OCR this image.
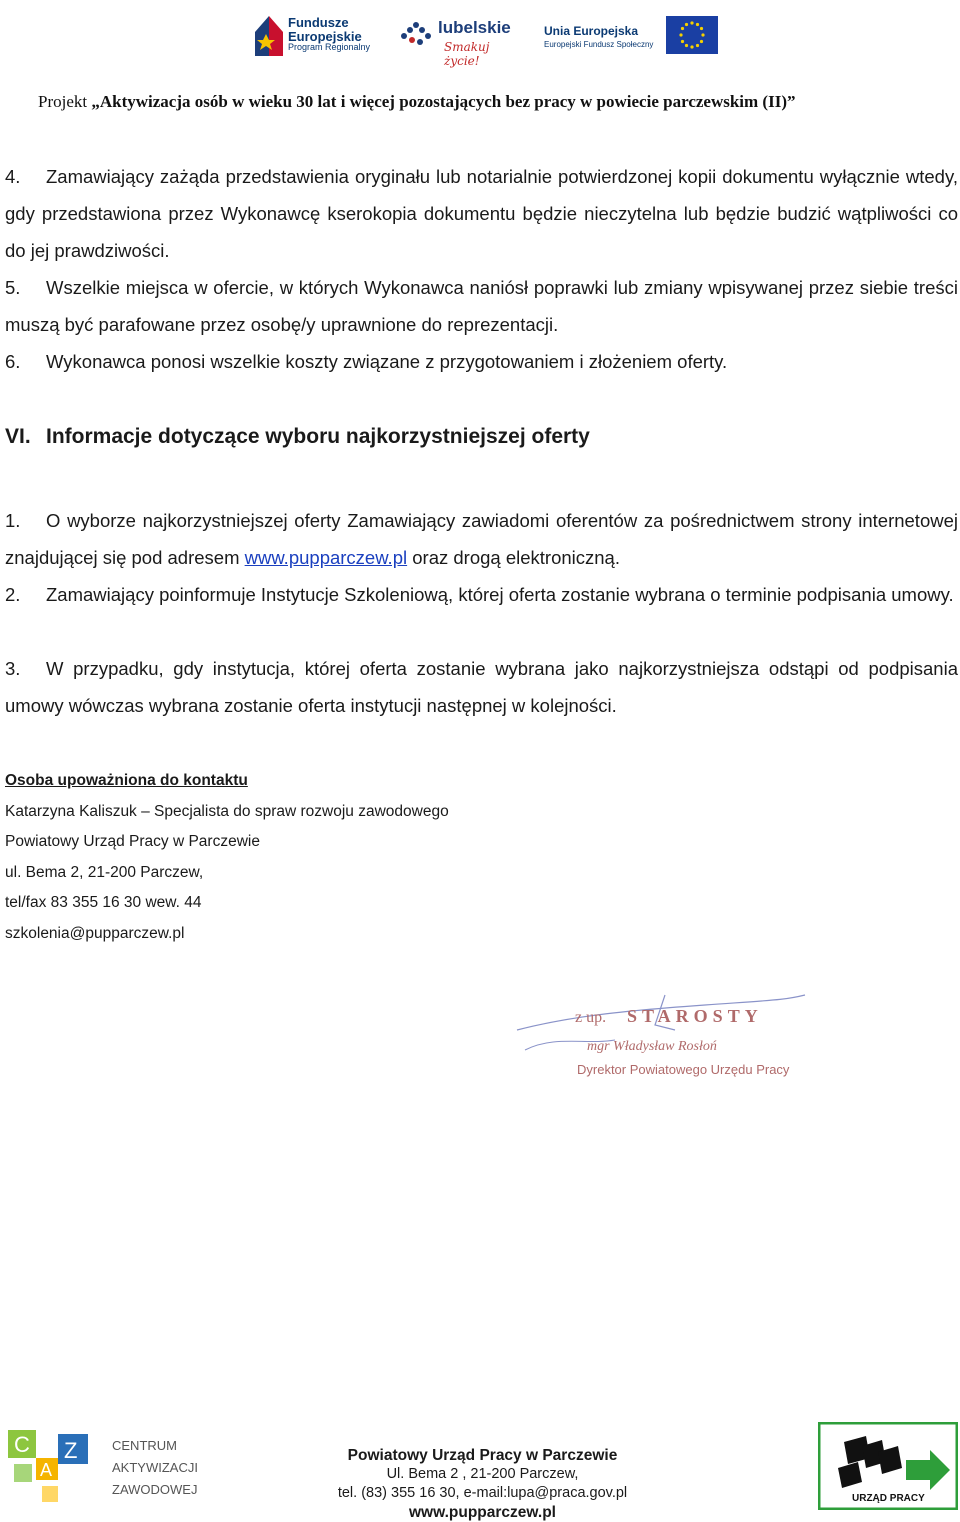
Fundusze
Europejskie
Program Regionalny
lubelskie
Smakuj życie!
Unia Europejska
Europejski Fundusz Społeczny
Projekt „Aktywizacja osób w wieku 30 lat i więcej pozostających bez pracy w powiecie parczewskim (II)”
4. Zamawiający zażąda przedstawienia oryginału lub notarialnie potwierdzonej kopii dokumentu wyłącznie wtedy, gdy przedstawiona przez Wykonawcę kserokopia dokumentu będzie nieczytelna lub będzie budzić wątpliwości co do jej prawdziwości.
5. Wszelkie miejsca w ofercie, w których Wykonawca naniósł poprawki lub zmiany wpisywanej przez siebie treści muszą być parafowane przez osobę/y uprawnione do reprezentacji.
6. Wykonawca ponosi wszelkie koszty związane z przygotowaniem i złożeniem oferty.
VI. Informacje dotyczące wyboru najkorzystniejszej oferty
1. O wyborze najkorzystniejszej oferty Zamawiający zawiadomi oferentów za pośrednictwem strony internetowej znajdującej się pod adresem www.pupparczew.pl oraz drogą elektroniczną.
2. Zamawiający poinformuje Instytucje Szkoleniową, której oferta zostanie wybrana o terminie podpisania umowy.
3. W przypadku, gdy instytucja, której oferta zostanie wybrana jako najkorzystniejsza odstąpi od podpisania umowy wówczas wybrana zostanie oferta instytucji następnej w kolejności.
Osoba upoważniona do kontaktu
Katarzyna Kaliszuk – Specjalista do spraw rozwoju zawodowego
Powiatowy Urząd Pracy w Parczewie
ul. Bema 2, 21-200 Parczew,
tel/fax 83 355 16 30 wew. 44
szkolenia@pupparczew.pl
z up. STAROSTY
mgr Władysław Rosłoń
Dyrektor Powiatowego Urzędu Pracy
C
A
Z	CENTRUM
AKTYWIZACJI
ZAWODOWEJ
Powiatowy Urząd Pracy w Parczewie
Ul. Bema 2 , 21-200 Parczew,
tel. (83) 355 16 30, e-mail:lupa@praca.gov.pl
www.pupparczew.pl
URZĄD PRACY
